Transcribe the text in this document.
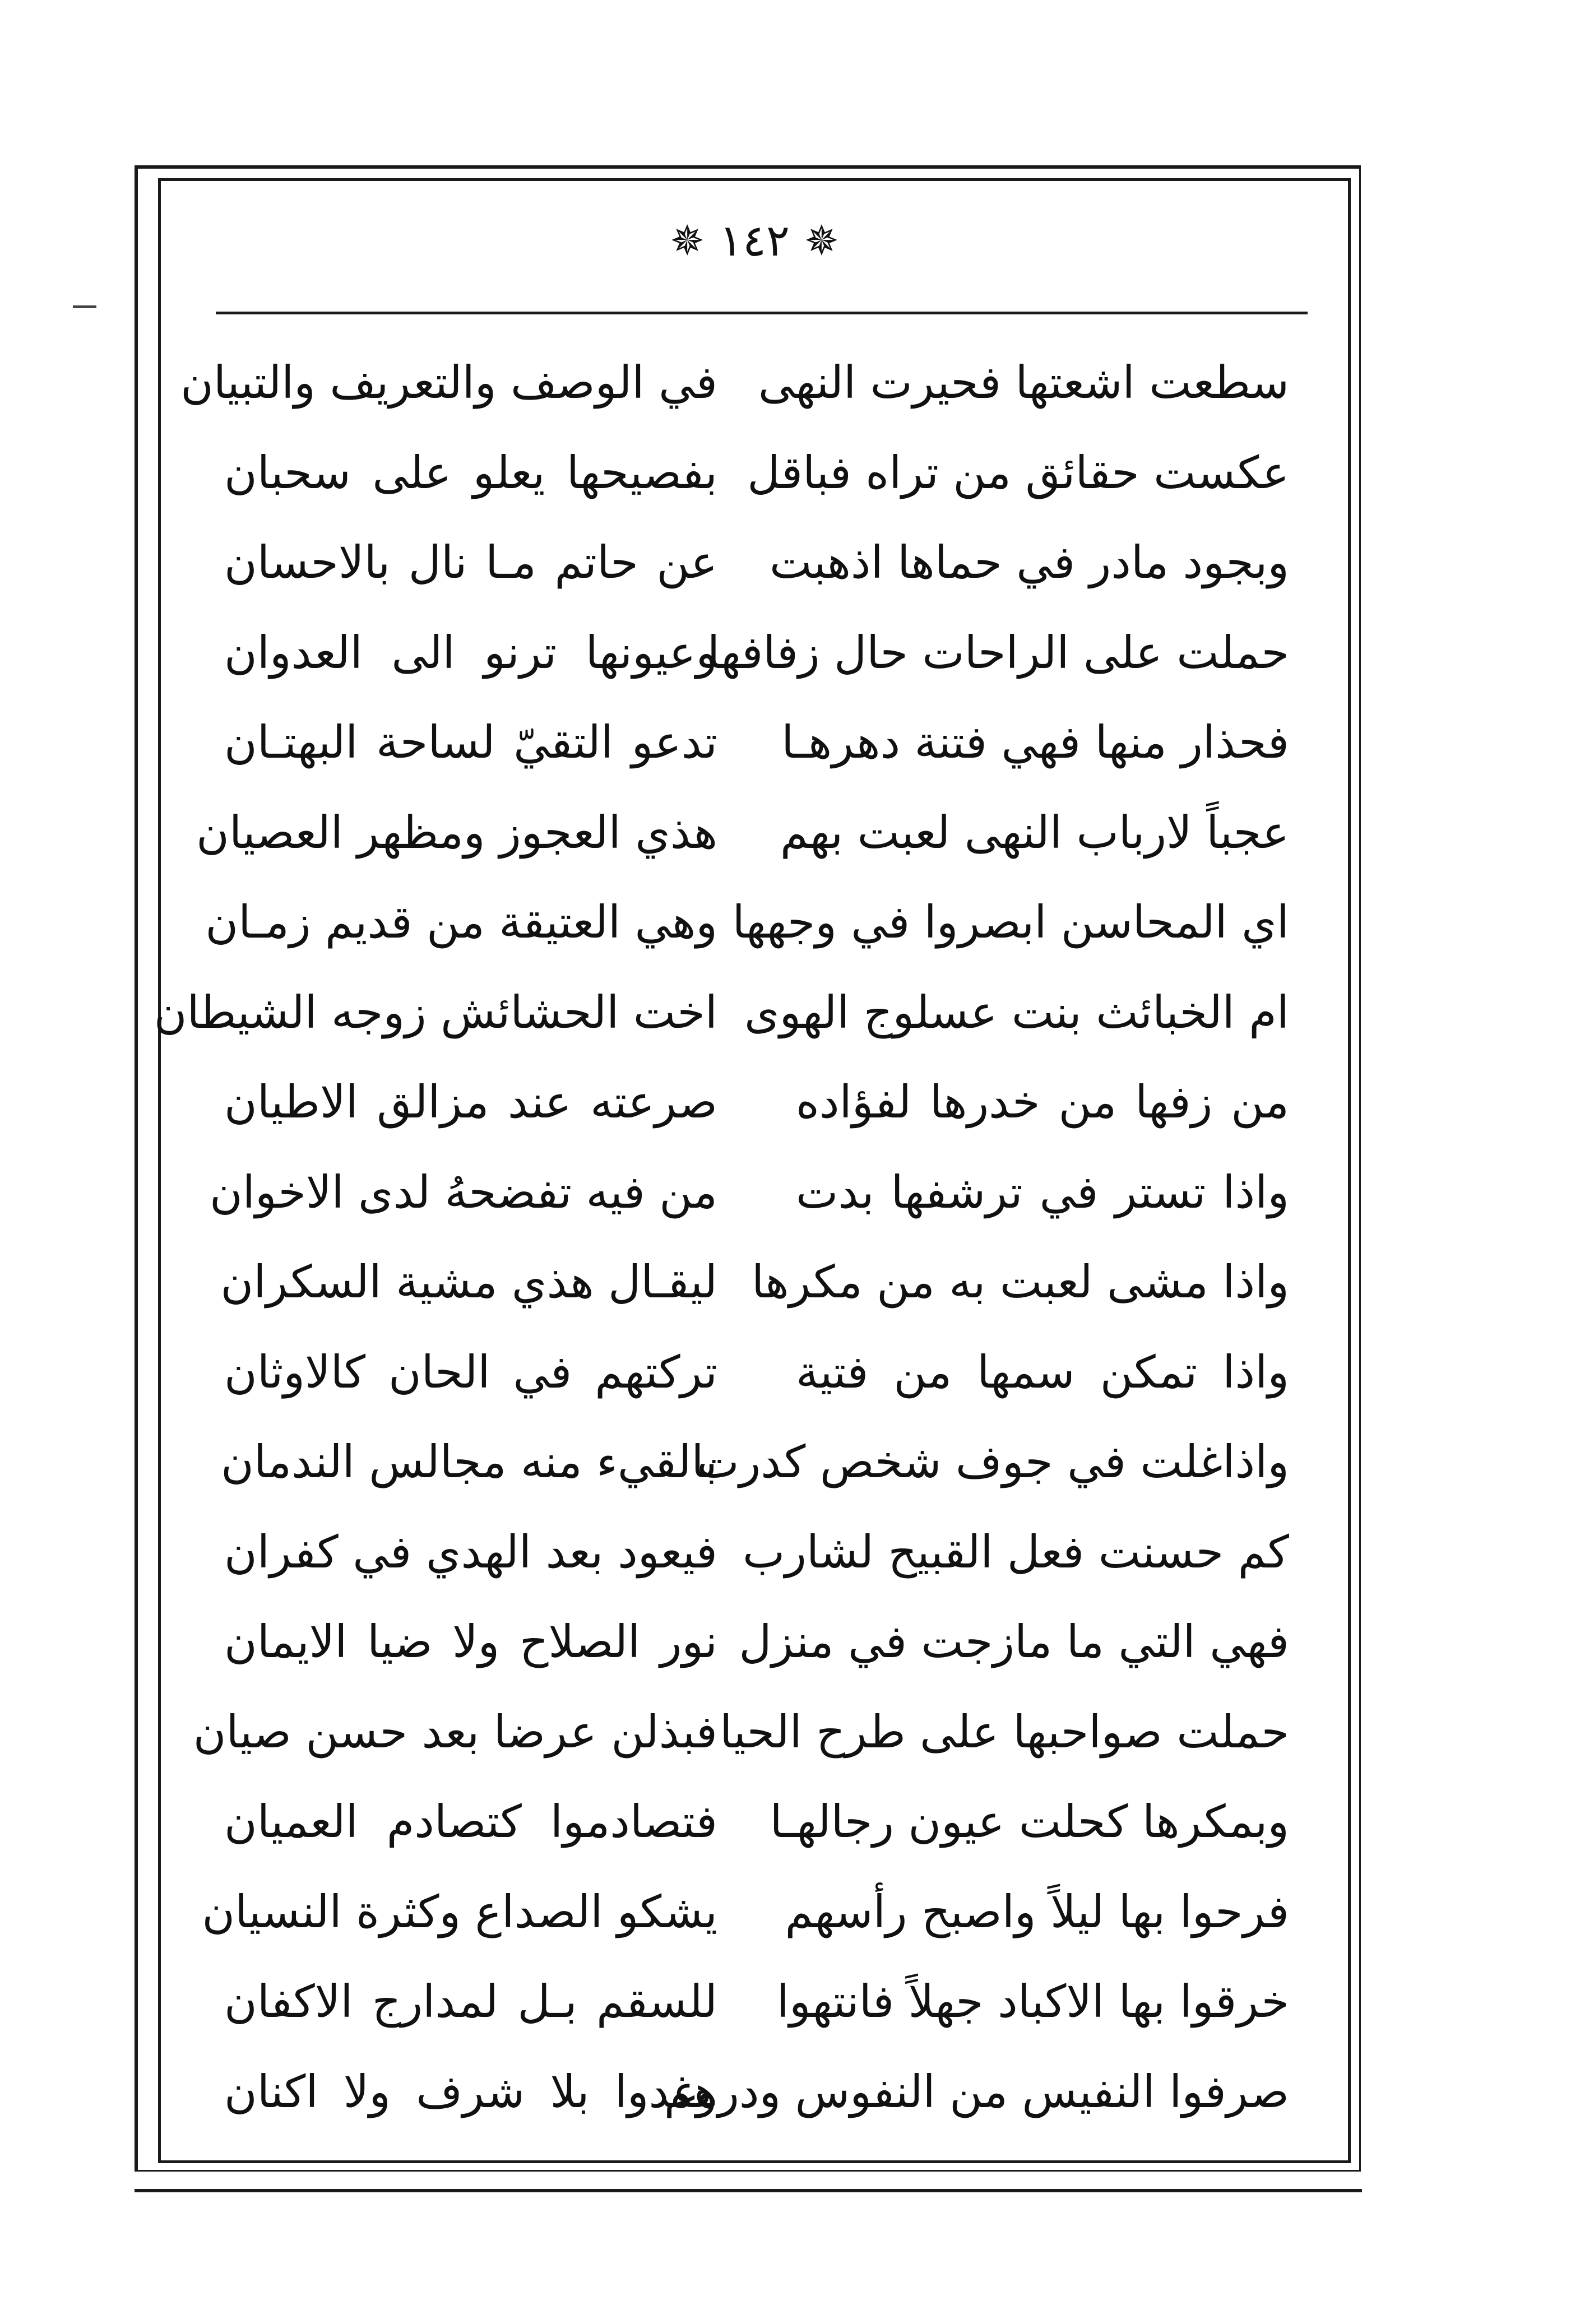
✵ ١٤٢ ✵
سطعت اشعتها فحيرت النهى
في الوصف والتعريف والتبيان
عكست حقائق من تراه فباقل
بفصيحها يعلو على سحبان
وبجود مادر في حماها اذهبت
عن حاتم مـا نال بالاحسان
حملت على الراحات حال زفافها
وعيونها ترنو الى العدوان
فحذار منها فهي فتنة دهرهـا
تدعو التقيّ لساحة البهتـان
عجباً لارباب النهى لعبت بهم
هذي العجوز ومظهر العصيان
اي المحاسن ابصروا في وجهها
وهي العتيقة من قديم زمـان
ام الخبائث بنت عسلوج الهوى
اخت الحشائش زوجه الشيطان
من زفها من خدرها لفؤاده
صرعته عند مزالق الاطيان
واذا تستر في ترشفها بدت
من فيه تفضحهُ لدى الاخوان
واذا مشى لعبت به من مكرها
ليقـال هذي مشية السكران
واذا تمكن سمها من فتية
تركتهم في الحان كالاوثان
واذاغلت في جوف شخص كدرت
بالقيء منه مجالس الندمان
كم حسنت فعل القبيح لشارب
فيعود بعد الهدي في كفران
فهي التي ما مازجت في منزل
نور الصلاح ولا ضيا الايمان
حملت صواحبها على طرح الحيا
فبذلن عرضا بعد حسن صيان
وبمكرها كحلت عيون رجالهـا
فتصادموا كتصادم العميان
فرحوا بها ليلاً واصبح رأسهم
يشكو الصداع وكثرة النسيان
خرقوا بها الاكباد جهلاً فانتهوا
للسقم بـل لمدارج الاكفان
صرفوا النفيس من النفوس ودرهم
وغدوا بلا شرف ولا اكنان
